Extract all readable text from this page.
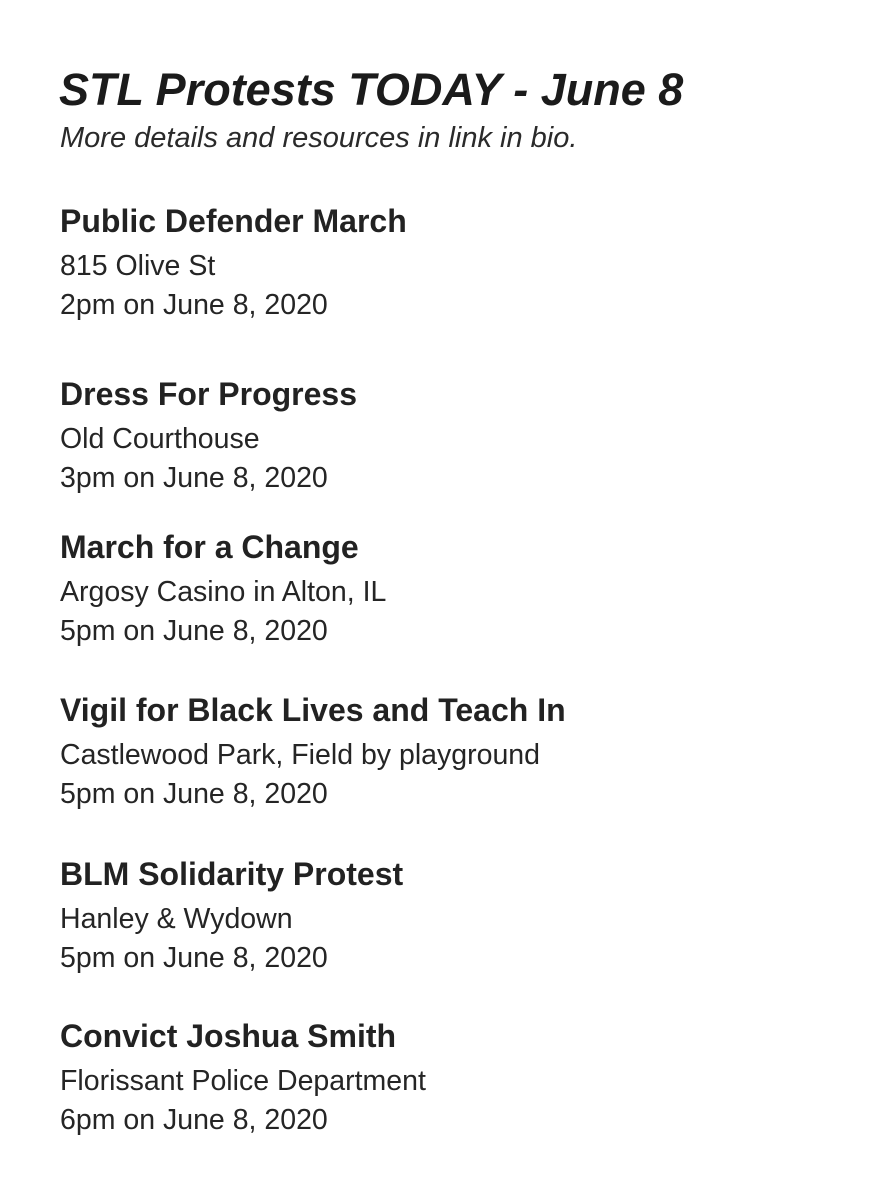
STL Protests TODAY - June 8

More details and resources in link in bio.

Public Defender March
815 Olive St
2pm on June 8, 2020
Dress For Progress
Old Courthouse
3pm on June 8, 2020
March for a Change
Argosy Casino in Alton, IL
5pm on June 8, 2020
Vigil for Black Lives and Teach In
Castlewood Park, Field by playground
5pm on June 8, 2020
BLM Solidarity Protest
Hanley & Wydown
5pm on June 8, 2020
Convict Joshua Smith
Florissant Police Department
6pm on June 8, 2020
